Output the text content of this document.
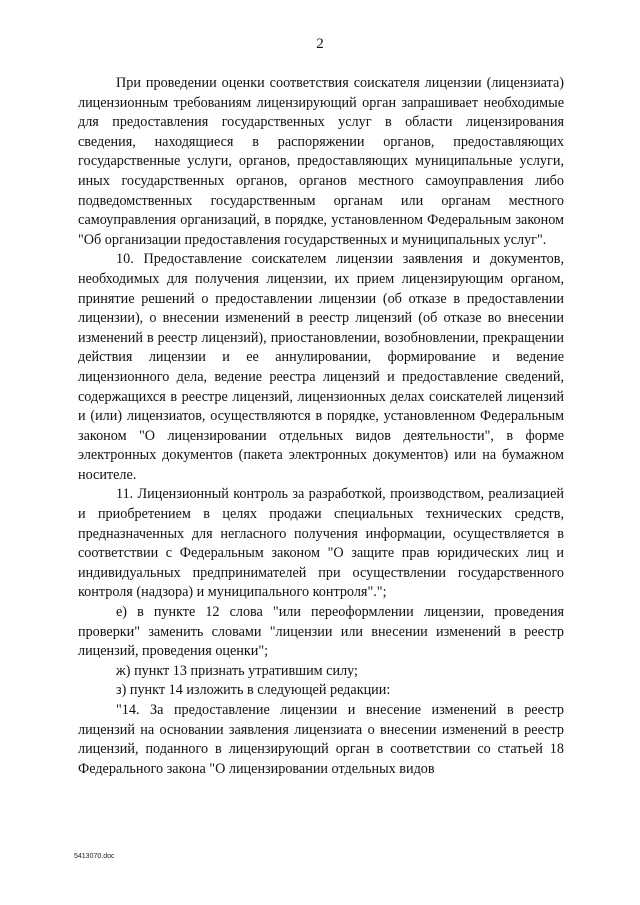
2

При проведении оценки соответствия соискателя лицензии (лицензиата) лицензионным требованиям лицензирующий орган запрашивает необходимые для предоставления государственных услуг в области лицензирования сведения, находящиеся в распоряжении органов, предоставляющих государственные услуги, органов, предоставляющих муниципальные услуги, иных государственных органов, органов местного самоуправления либо подведомственных государственным органам или органам местного самоуправления организаций, в порядке, установленном Федеральным законом "Об организации предоставления государственных и муниципальных услуг".

10. Предоставление соискателем лицензии заявления и документов, необходимых для получения лицензии, их прием лицензирующим органом, принятие решений о предоставлении лицензии (об отказе в предоставлении лицензии), о внесении изменений в реестр лицензий (об отказе во внесении изменений в реестр лицензий), приостановлении, возобновлении, прекращении действия лицензии и ее аннулировании, формирование и ведение лицензионного дела, ведение реестра лицензий и предоставление сведений, содержащихся в реестре лицензий, лицензионных делах соискателей лицензий и (или) лицензиатов, осуществляются в порядке, установленном Федеральным законом "О лицензировании отдельных видов деятельности", в форме электронных документов (пакета электронных документов) или на бумажном носителе.

11. Лицензионный контроль за разработкой, производством, реализацией и приобретением в целях продажи специальных технических средств, предназначенных для негласного получения информации, осуществляется в соответствии с Федеральным законом "О защите прав юридических лиц и индивидуальных предпринимателей при осуществлении государственного контроля (надзора) и муниципального контроля".";

е) в пункте 12 слова "или переоформлении лицензии, проведения проверки" заменить словами "лицензии или внесении изменений в реестр лицензий, проведения оценки";

ж) пункт 13 признать утратившим силу;

з) пункт 14 изложить в следующей редакции:

"14. За предоставление лицензии и внесение изменений в реестр лицензий на основании заявления лицензиата о внесении изменений в реестр лицензий, поданного в лицензирующий орган в соответствии со статьей 18 Федерального закона "О лицензировании отдельных видов

5413070.doc
